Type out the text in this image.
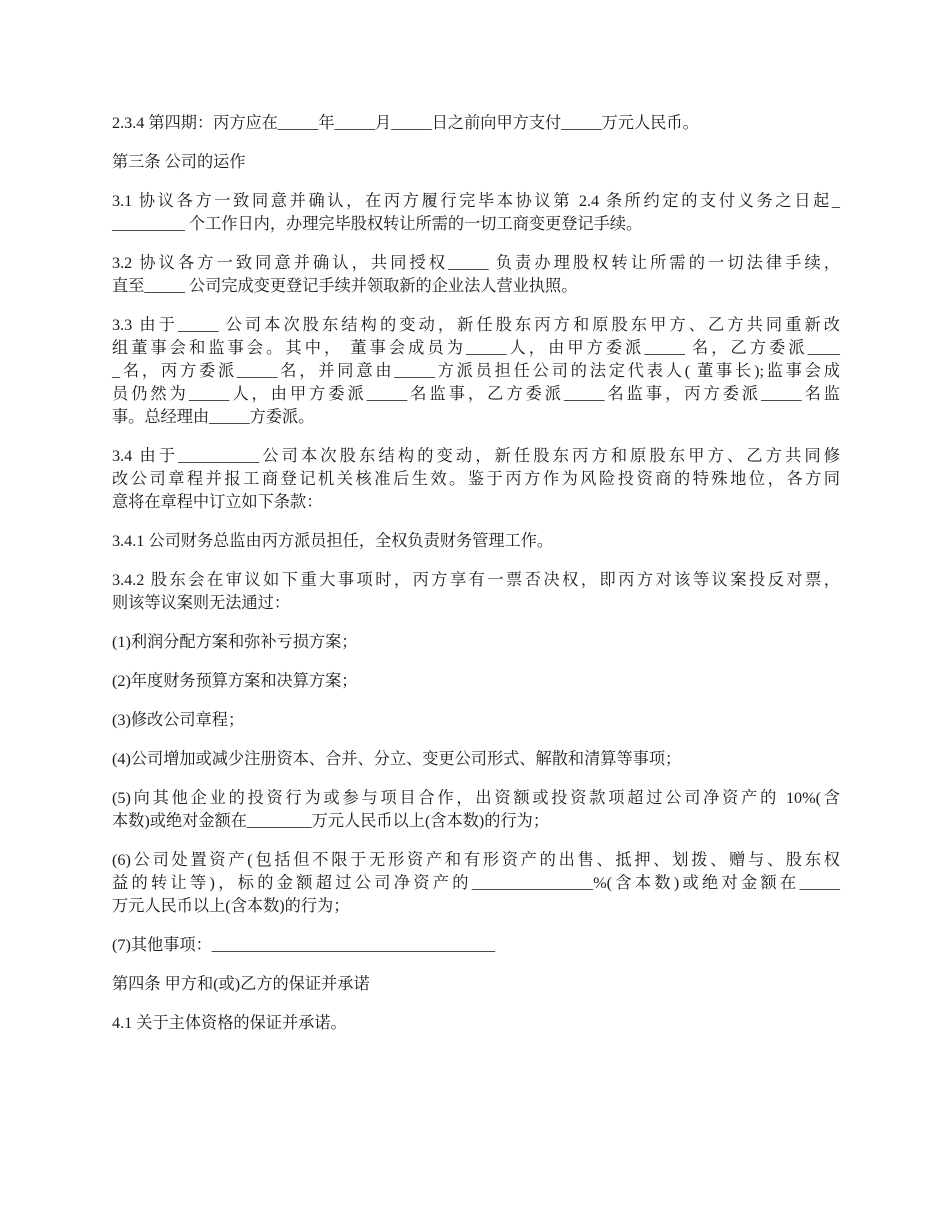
2.3.4 第四期：丙方应在_____年_____月_____日之前向甲方支付_____万元人民币。

第三条 公司的运作

3.1 协议各方一致同意并确认，在丙方履行完毕本协议第 2.4 条所约定的支付义务之日起_
_________ 个工作日内，办理完毕股权转让所需的一切工商变更登记手续。

3.2 协议各方一致同意并确认，共同授权_____ 负责办理股权转让所需的一切法律手续，
直至_____ 公司完成变更登记手续并领取新的企业法人营业执照。

3.3 由于_____ 公司本次股东结构的变动，新任股东丙方和原股东甲方、乙方共同重新改
组董事会和监事会。其中， 董事会成员为_____人，由甲方委派_____ 名，乙方委派____
_名，丙方委派_____名，并同意由_____方派员担任公司的法定代表人( 董事长);监事会成
员仍然为_____人，由甲方委派_____名监事，乙方委派_____名监事，丙方委派_____名监
事。总经理由_____方委派。

3.4 由于__________公司本次股东结构的变动，新任股东丙方和原股东甲方、乙方共同修
改公司章程并报工商登记机关核准后生效。鉴于丙方作为风险投资商的特殊地位，各方同
意将在章程中订立如下条款：

3.4.1 公司财务总监由丙方派员担任，全权负责财务管理工作。

3.4.2 股东会在审议如下重大事项时，丙方享有一票否决权，即丙方对该等议案投反对票，
则该等议案则无法通过：

(1)利润分配方案和弥补亏损方案；

(2)年度财务预算方案和决算方案；

(3)修改公司章程；

(4)公司增加或减少注册资本、合并、分立、变更公司形式、解散和清算等事项；

(5)向其他企业的投资行为或参与项目合作，出资额或投资款项超过公司净资产的 10%(含
本数)或绝对金额在________万元人民币以上(含本数)的行为；

(6)公司处置资产(包括但不限于无形资产和有形资产的出售、抵押、划拨、赠与、股东权
益的转让等)，标的金额超过公司净资产的_______________%(含本数)或绝对金额在_____
万元人民币以上(含本数)的行为；

(7)其他事项：___________________________________

第四条 甲方和(或)乙方的保证并承诺

4.1 关于主体资格的保证并承诺。
